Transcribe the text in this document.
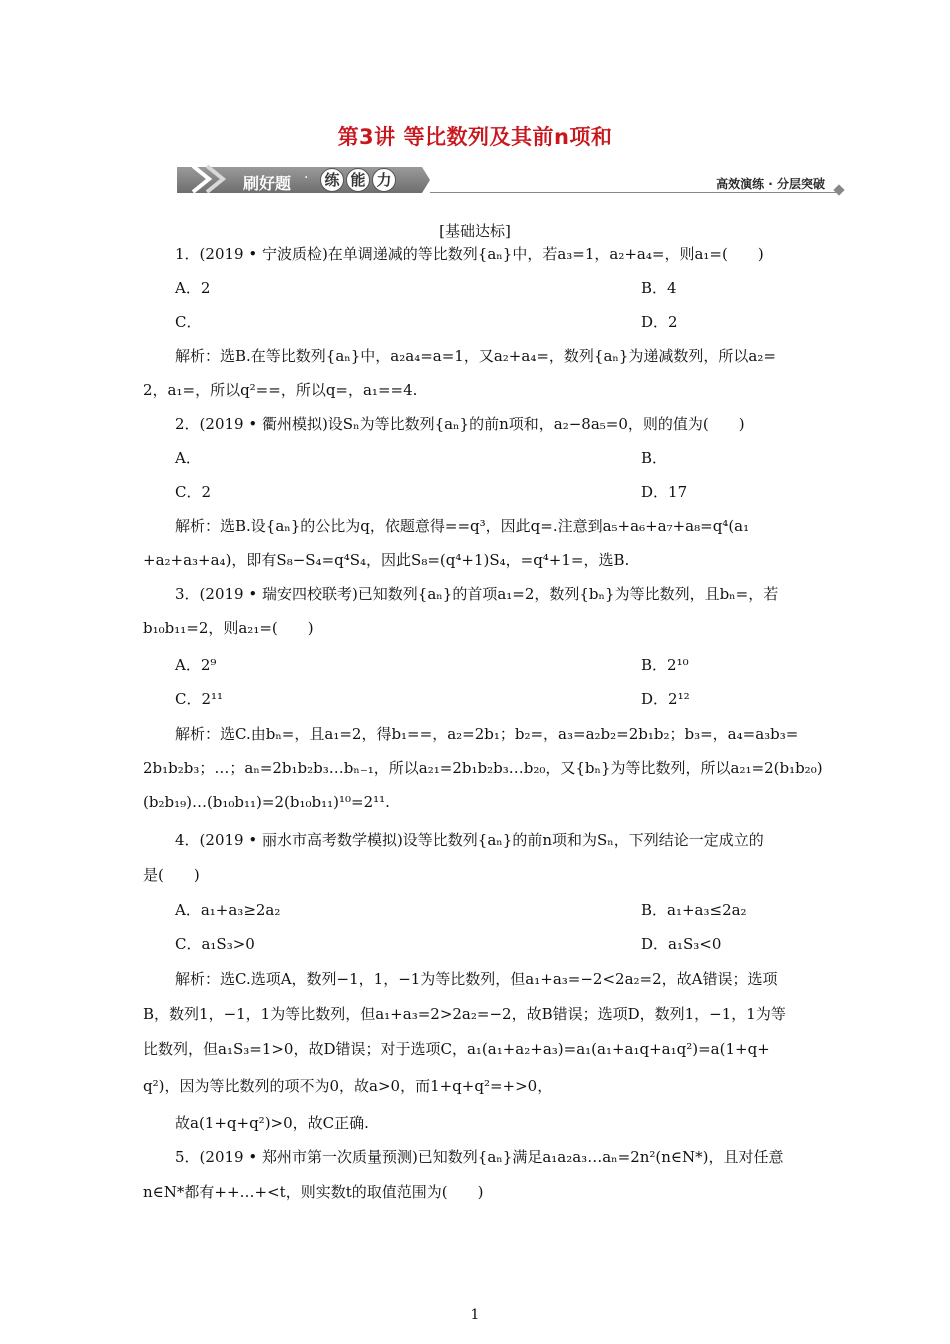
第3讲 等比数列及其前n项和
刷好题 · 练 能 力	高效演练 · 分层突破
[基础达标]
1．(2019 • 宁波质检)在单调递减的等比数列{aₙ}中，若a₃=1，a₂+a₄=，则a₁=(　　)
A．2	B．4
C．	D．2
解析：选B.在等比数列{aₙ}中，a₂a₄=a=1，又a₂+a₄=，数列{aₙ}为递减数列，所以a₂=
2，a₁=，所以q²==，所以q=，a₁==4.
2．(2019 • 衢州模拟)设Sₙ为等比数列{aₙ}的前n项和，a₂−8a₅=0，则的值为(　　)
A．	B．
C．2	D．17
解析：选B.设{aₙ}的公比为q，依题意得==q³，因此q=.注意到a₅+a₆+a₇+a₈=q⁴(a₁
+a₂+a₃+a₄)，即有S₈−S₄=q⁴S₄，因此S₈=(q⁴+1)S₄，=q⁴+1=，选B.
3．(2019 • 瑞安四校联考)已知数列{aₙ}的首项a₁=2，数列{bₙ}为等比数列，且bₙ=，若
b₁₀b₁₁=2，则a₂₁=(　　)
A．2⁹	B．2¹⁰
C．2¹¹	D．2¹²
解析：选C.由bₙ=，且a₁=2，得b₁==，a₂=2b₁；b₂=，a₃=a₂b₂=2b₁b₂；b₃=，a₄=a₃b₃=
2b₁b₂b₃；…；aₙ=2b₁b₂b₃…bₙ₋₁，所以a₂₁=2b₁b₂b₃…b₂₀，又{bₙ}为等比数列，所以a₂₁=2(b₁b₂₀)
(b₂b₁₉)…(b₁₀b₁₁)=2(b₁₀b₁₁)¹⁰=2¹¹.
4．(2019 • 丽水市高考数学模拟)设等比数列{aₙ}的前n项和为Sₙ，下列结论一定成立的
是(　　)
A．a₁+a₃≥2a₂	B．a₁+a₃≤2a₂
C．a₁S₃>0	D．a₁S₃<0
解析：选C.选项A，数列−1，1，−1为等比数列，但a₁+a₃=−2<2a₂=2，故A错误；选项
B，数列1，−1，1为等比数列，但a₁+a₃=2>2a₂=−2，故B错误；选项D，数列1，−1，1为等
比数列，但a₁S₃=1>0，故D错误；对于选项C，a₁(a₁+a₂+a₃)=a₁(a₁+a₁q+a₁q²)=a(1+q+
q²)，因为等比数列的项不为0，故a>0，而1+q+q²=+>0，
故a(1+q+q²)>0，故C正确.
5．(2019 • 郑州市第一次质量预测)已知数列{aₙ}满足a₁a₂a₃…aₙ=2n²(n∈N*)，且对任意
n∈N*都有++…+<t，则实数t的取值范围为(　　)
1
